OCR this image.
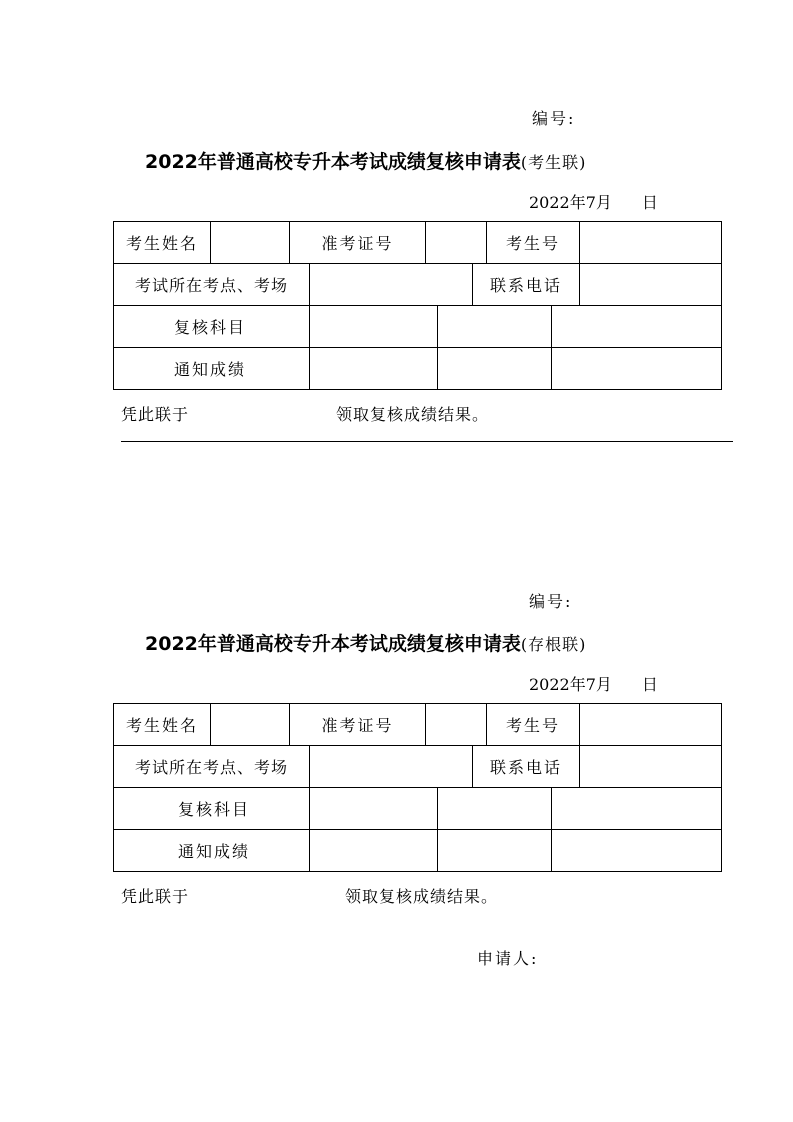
编号:
2022年普通高校专升本考试成绩复核申请表(考生联)
2022年7月 日
考生姓名		准考证号					考生号		
考试所在考点、考场						联系电话			
复核科目									
通知成绩									
凭此联于	领取复核成绩结果。
编号:
2022年普通高校专升本考试成绩复核申请表(存根联)
2022年7月 日
考生姓名		准考证号					考生号		
考试所在考点、考场						联系电话			
复核科目									
通知成绩									
凭此联于	领取复核成绩结果。
申请人:
